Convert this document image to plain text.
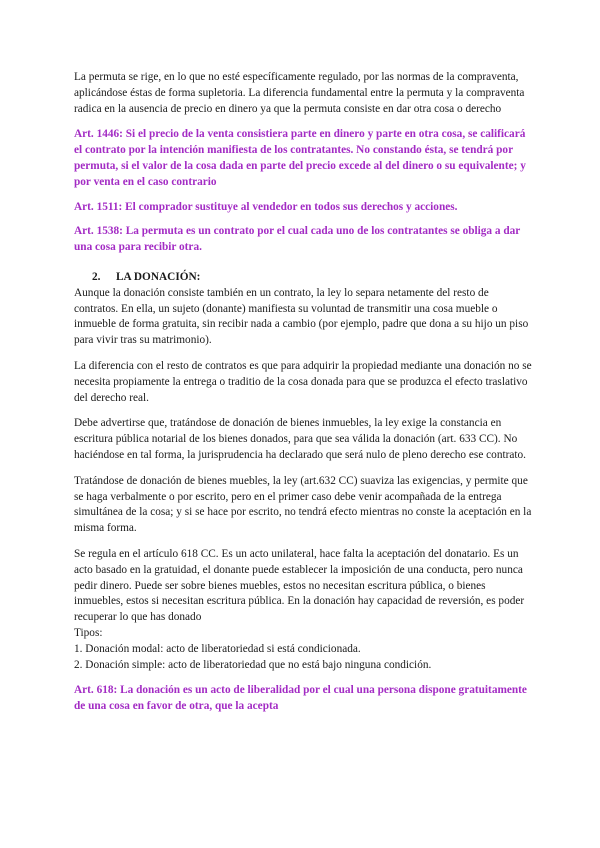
La permuta se rige, en lo que no esté específicamente regulado, por las normas de la compraventa, aplicándose éstas de forma supletoria. La diferencia fundamental entre la permuta y la compraventa radica en la ausencia de precio en dinero ya que la permuta consiste en dar otra cosa o derecho

Art. 1446: Si el precio de la venta consistiera parte en dinero y parte en otra cosa, se calificará el contrato por la intención manifiesta de los contratantes. No constando ésta, se tendrá por permuta, si el valor de la cosa dada en parte del precio excede al del dinero o su equivalente; y por venta en el caso contrario

Art. 1511: El comprador sustituye al vendedor en todos sus derechos y acciones.

Art. 1538: La permuta es un contrato por el cual cada uno de los contratantes se obliga a dar una cosa para recibir otra.

2. LA DONACIÓN:

Aunque la donación consiste también en un contrato, la ley lo separa netamente del resto de contratos. En ella, un sujeto (donante) manifiesta su voluntad de transmitir una cosa mueble o inmueble de forma gratuita, sin recibir nada a cambio (por ejemplo, padre que dona a su hijo un piso para vivir tras su matrimonio).

La diferencia con el resto de contratos es que para adquirir la propiedad mediante una donación no se necesita propiamente la entrega o traditio de la cosa donada para que se produzca el efecto traslativo del derecho real.

Debe advertirse que, tratándose de donación de bienes inmuebles, la ley exige la constancia en escritura pública notarial de los bienes donados, para que sea válida la donación (art. 633 CC). No haciéndose en tal forma, la jurisprudencia ha declarado que será nulo de pleno derecho ese contrato.

Tratándose de donación de bienes muebles, la ley (art.632 CC) suaviza las exigencias, y permite que se haga verbalmente o por escrito, pero en el primer caso debe venir acompañada de la entrega simultánea de la cosa; y si se hace por escrito, no tendrá efecto mientras no conste la aceptación en la misma forma.

Se regula en el artículo 618 CC. Es un acto unilateral, hace falta la aceptación del donatario. Es un acto basado en la gratuidad, el donante puede establecer la imposición de una conducta, pero nunca pedir dinero. Puede ser sobre bienes muebles, estos no necesitan escritura pública, o bienes inmuebles, estos si necesitan escritura pública. En la donación hay capacidad de reversión, es poder recuperar lo que has donado

Tipos:

1. Donación modal: acto de liberatoriedad si está condicionada.

2. Donación simple: acto de liberatoriedad que no está bajo ninguna condición.

Art. 618: La donación es un acto de liberalidad por el cual una persona dispone gratuitamente de una cosa en favor de otra, que la acepta
